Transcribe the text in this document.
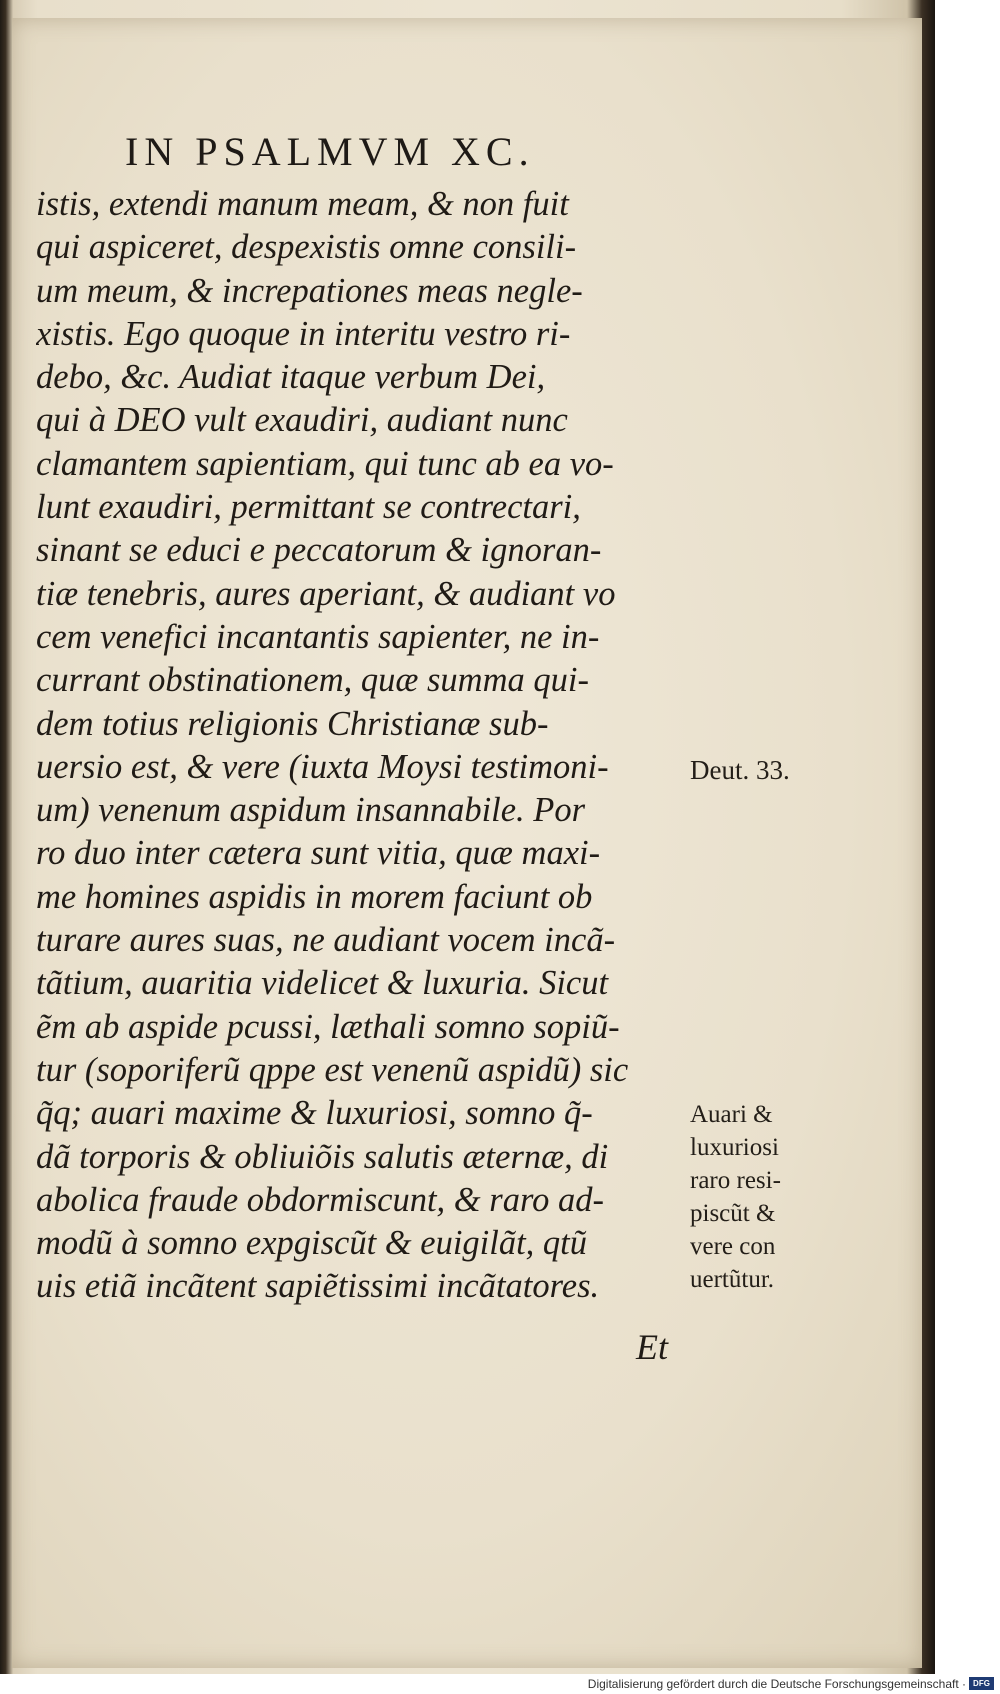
IN PSALMVM XC.
istis, extendi manum meam, & non fuit
qui aspiceret, despexistis omne consili-
um meum, & increpationes meas negle-
xistis. Ego quoque in interitu vestro ri-
debo, &c. Audiat itaque verbum Dei,
qui à DEO vult exaudiri, audiant nunc
clamantem sapientiam, qui tunc ab ea vo-
lunt exaudiri, permittant se contrectari,
sinant se educi e peccatorum & ignoran-
tiæ tenebris, aures aperiant, & audiant vo
cem venefici incantantis sapienter, ne in-
currant obstinationem, quæ summa qui-
dem totius religionis Christianæ sub-
uersio est, & vere (iuxta Moysi testimoni-
um) venenum aspidum insannabile. Por
ro duo inter cætera sunt vitia, quæ maxi-
me homines aspidis in morem faciunt ob
turare aures suas, ne audiant vocem incã-
tãtium, auaritia videlicet & luxuria. Sicut
ẽm ab aspide pcussi, læthali somno sopiũ-
tur (soporiferũ qppe est venenũ aspidũ) sic
q̃q; auari maxime & luxuriosi, somno q̃-
dã torporis & obliuiõis salutis æternæ, di
abolica fraude obdormiscunt, & raro ad-
modũ à somno expgiscũt & euigilãt, qtũ
uis etiã incãtent sapiẽtissimi incãtatores.
Deut. 33.
Auari &
luxuriosi
raro resi-
piscũt &
vere con
uertũtur.
Et
Digitalisierung gefördert durch die Deutsche Forschungsgemeinschaft · DFG
